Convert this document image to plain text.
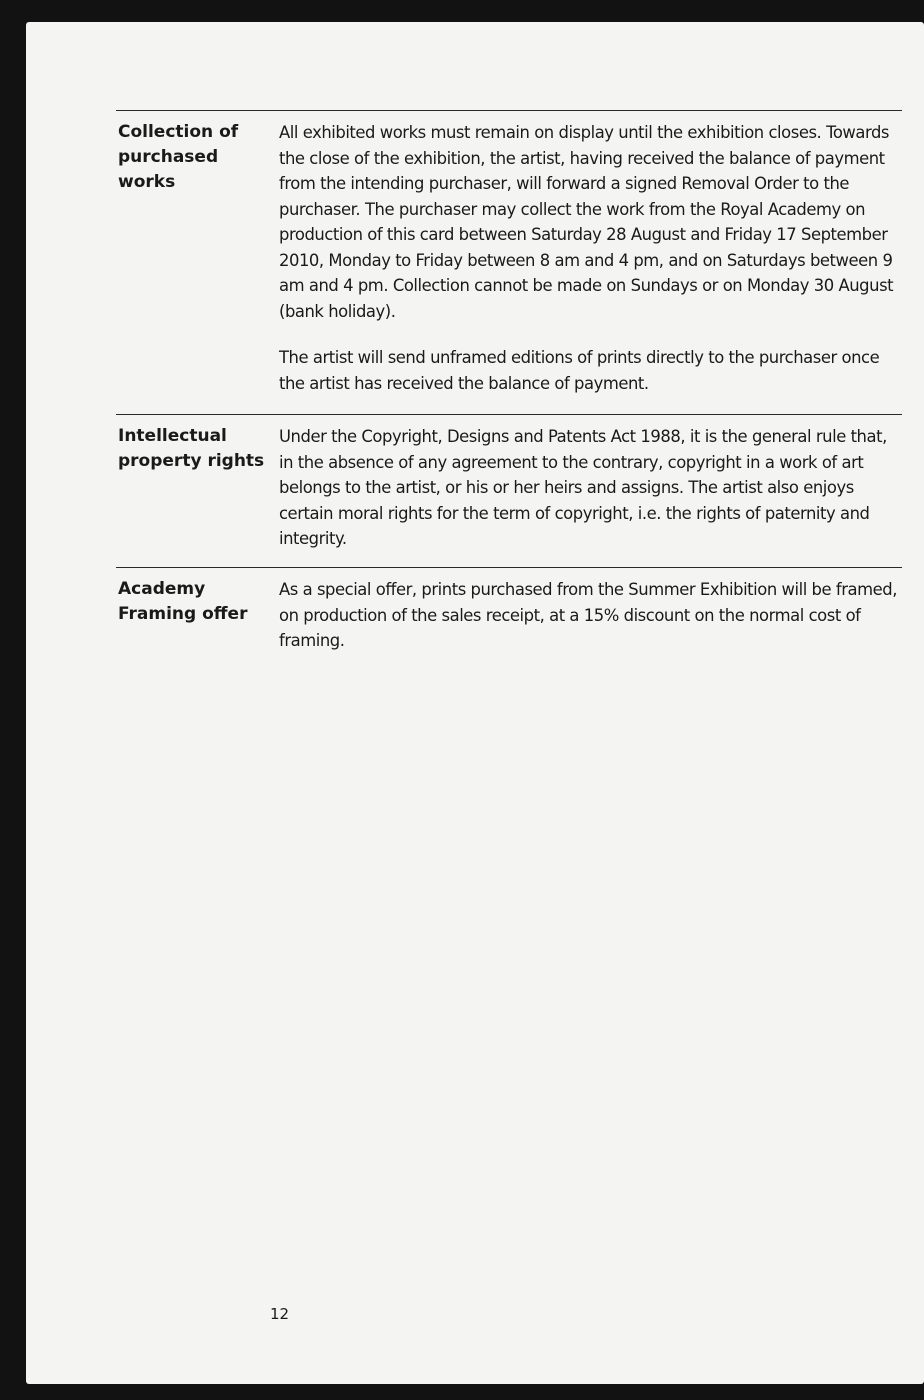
Collection of purchased works

All exhibited works must remain on display until the exhibition closes. Towards the close of the exhibition, the artist, having received the balance of payment from the intending purchaser, will forward a signed Removal Order to the purchaser. The purchaser may collect the work from the Royal Academy on production of this card between Saturday 28 August and Friday 17 September 2010, Monday to Friday between 8 am and 4 pm, and on Saturdays between 9 am and 4 pm. Collection cannot be made on Sundays or on Monday 30 August (bank holiday).

The artist will send unframed editions of prints directly to the purchaser once the artist has received the balance of payment.

Intellectual property rights

Under the Copyright, Designs and Patents Act 1988, it is the general rule that, in the absence of any agreement to the contrary, copyright in a work of art belongs to the artist, or his or her heirs and assigns. The artist also enjoys certain moral rights for the term of copyright, i.e. the rights of paternity and integrity.

Academy Framing offer

As a special offer, prints purchased from the Summer Exhibition will be framed, on production of the sales receipt, at a 15% discount on the normal cost of framing.

12
